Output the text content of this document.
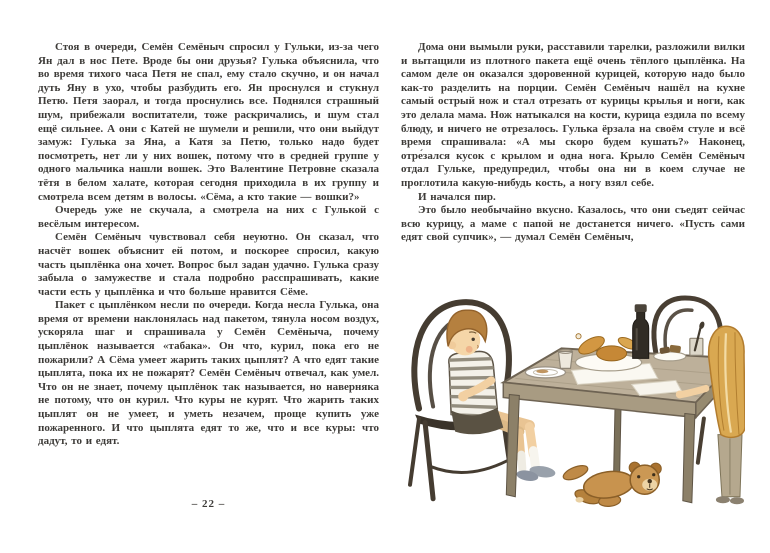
Стоя в очереди, Семён Семёныч спросил у Гульки, из-за чего Ян дал в нос Пете. Вроде бы они друзья? Гулька объяснила, что во время тихого часа Петя не спал, ему стало скучно, и он начал дуть Яну в ухо, чтобы разбудить его. Ян проснулся и стукнул Петю. Петя заорал, и тогда проснулись все. Поднялся страшный шум, прибежали воспитатели, тоже раскричались, и шум стал ещё сильнее. А они с Катей не шумели и решили, что они выйдут замуж: Гулька за Яна, а Катя за Петю, только надо будет посмотреть, нет ли у них вошек, потому что в средней группе у одного мальчика нашли вошек. Это Валентине Петровне сказала тётя в белом халате, которая сегодня приходила в их группу и смотрела всем детям в волосы. «Сёма, а кто такие — вошки?»

Очередь уже не скучала, а смотрела на них с Гулькой с весёлым интересом.

Семён Семёныч чувствовал себя неуютно. Он сказал, что насчёт вошек объяснит ей потом, и поскорее спросил, какую часть цыплёнка она хочет. Вопрос был задан удачно. Гулька сразу забыла о замужестве и стала подробно расспрашивать, какие части есть у цыплёнка и что больше нравится Сёме.

Пакет с цыплёнком несли по очереди. Когда несла Гулька, она время от времени наклонялась над пакетом, тянула носом воздух, ускоряла шаг и спрашивала у Семён Семёныча, почему цыплёнок называется «табака». Он что, курил, пока его не пожарили? А Сёма умеет жарить таких цыплят? А что едят такие цыплята, пока их не пожарят? Семён Семёныч отвечал, как умел. Что он не знает, почему цыплёнок так называется, но наверняка не потому, что он курил. Что куры не курят. Что жарить таких цыплят он не умеет, и уметь незачем, проще купить уже пожаренного. И что цыплята едят то же, что и все куры: что дадут, то и едят.

– 22 –

Дома они вымыли руки, расставили тарелки, разложили вилки и вытащили из плотного пакета ещё очень тёплого цыплёнка. На самом деле он оказался здоровенной курицей, которую надо было как-то разделить на порции. Семён Семёныч нашёл на кухне самый острый нож и стал отрезать от курицы крылья и ноги, как это делала мама. Нож натыкался на кости, курица ездила по всему блюду, и ничего не отрезалось. Гулька ёрзала на своём стуле и всё время спрашивала: «А мы скоро будем кушать?» Наконец, отре́зался кусок с крылом и одна нога. Крыло Семён Семёныч отдал Гульке, предупредил, чтобы она ни в коем случае не проглотила какую-нибудь кость, а ногу взял себе.

И начался пир.

Это было необычайно вкусно. Казалось, что они съедят сейчас всю курицу, а маме с папой не достанется ничего. «Пусть сами едят свой супчик», — думал Семён Семёныч,
